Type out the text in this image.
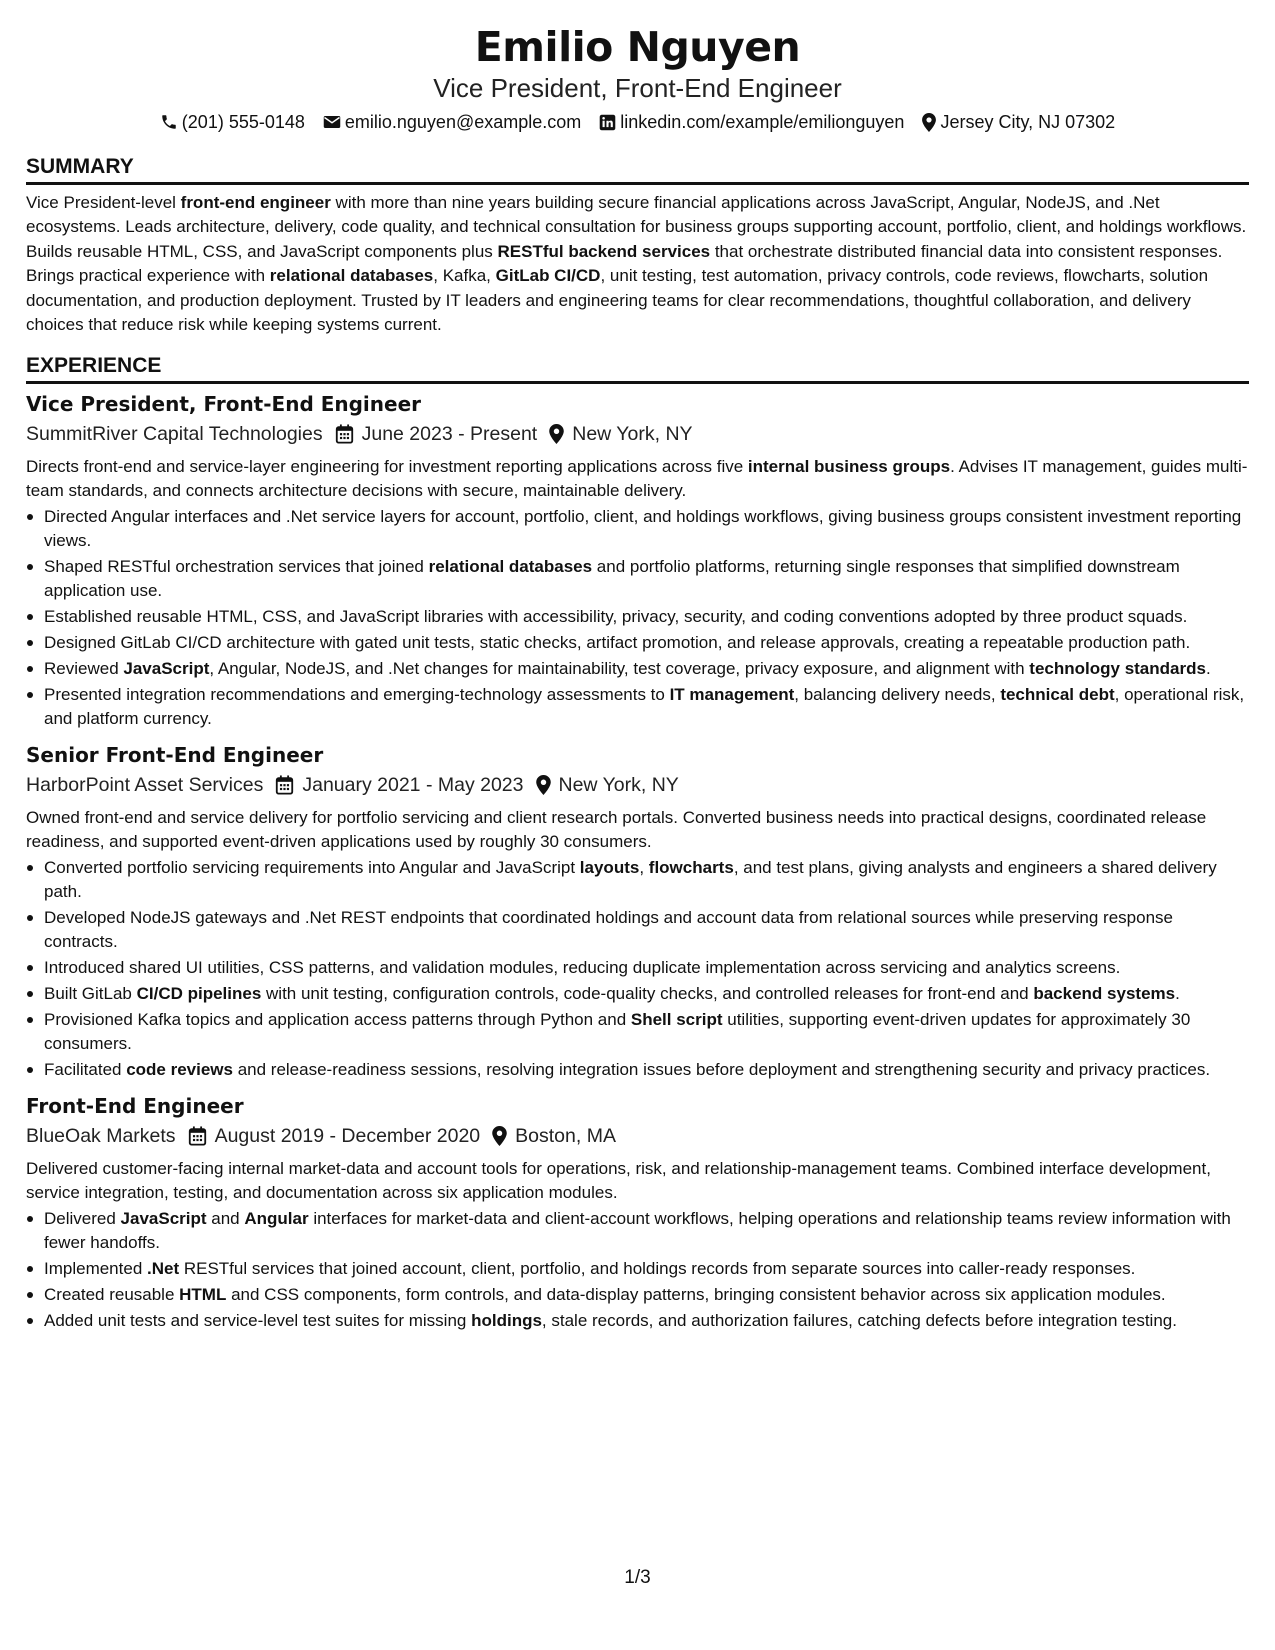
Emilio Nguyen
Vice President, Front-End Engineer
(201) 555-0148 emilio.nguyen@example.com linkedin.com/example/emilionguyen Jersey City, NJ 07302
SUMMARY

Vice President-level front-end engineer with more than nine years building secure financial applications across JavaScript, Angular, NodeJS, and .Net ecosystems. Leads architecture, delivery, code quality, and technical consultation for business groups supporting account, portfolio, client, and holdings workflows. Builds reusable HTML, CSS, and JavaScript components plus RESTful backend services that orchestrate distributed financial data into consistent responses. Brings practical experience with relational databases, Kafka, GitLab CI/CD, unit testing, test automation, privacy controls, code reviews, flowcharts, solution documentation, and production deployment. Trusted by IT leaders and engineering teams for clear recommendations, thoughtful collaboration, and delivery choices that reduce risk while keeping systems current.

EXPERIENCE
Vice President, Front-End Engineer
SummitRiver Capital Technologies June 2023 - Present New York, NY

Directs front-end and service-layer engineering for investment reporting applications across five internal business groups. Advises IT management, guides multi-team standards, and connects architecture decisions with secure, maintainable delivery.

Directed Angular interfaces and .Net service layers for account, portfolio, client, and holdings workflows, giving business groups consistent investment reporting views.
Shaped RESTful orchestration services that joined relational databases and portfolio platforms, returning single responses that simplified downstream application use.
Established reusable HTML, CSS, and JavaScript libraries with accessibility, privacy, security, and coding conventions adopted by three product squads.
Designed GitLab CI/CD architecture with gated unit tests, static checks, artifact promotion, and release approvals, creating a repeatable production path.
Reviewed JavaScript, Angular, NodeJS, and .Net changes for maintainability, test coverage, privacy exposure, and alignment with technology standards.
Presented integration recommendations and emerging-technology assessments to IT management, balancing delivery needs, technical debt, operational risk, and platform currency.
Senior Front-End Engineer
HarborPoint Asset Services January 2021 - May 2023 New York, NY

Owned front-end and service delivery for portfolio servicing and client research portals. Converted business needs into practical designs, coordinated release readiness, and supported event-driven applications used by roughly 30 consumers.

Converted portfolio servicing requirements into Angular and JavaScript layouts, flowcharts, and test plans, giving analysts and engineers a shared delivery path.
Developed NodeJS gateways and .Net REST endpoints that coordinated holdings and account data from relational sources while preserving response contracts.
Introduced shared UI utilities, CSS patterns, and validation modules, reducing duplicate implementation across servicing and analytics screens.
Built GitLab CI/CD pipelines with unit testing, configuration controls, code-quality checks, and controlled releases for front-end and backend systems.
Provisioned Kafka topics and application access patterns through Python and Shell script utilities, supporting event-driven updates for approximately 30 consumers.
Facilitated code reviews and release-readiness sessions, resolving integration issues before deployment and strengthening security and privacy practices.
Front-End Engineer
BlueOak Markets August 2019 - December 2020 Boston, MA

Delivered customer-facing internal market-data and account tools for operations, risk, and relationship-management teams. Combined interface development, service integration, testing, and documentation across six application modules.

Delivered JavaScript and Angular interfaces for market-data and client-account workflows, helping operations and relationship teams review information with fewer handoffs.
Implemented .Net RESTful services that joined account, client, portfolio, and holdings records from separate sources into caller-ready responses.
Created reusable HTML and CSS components, form controls, and data-display patterns, bringing consistent behavior across six application modules.
Added unit tests and service-level test suites for missing holdings, stale records, and authorization failures, catching defects before integration testing.
1/3
